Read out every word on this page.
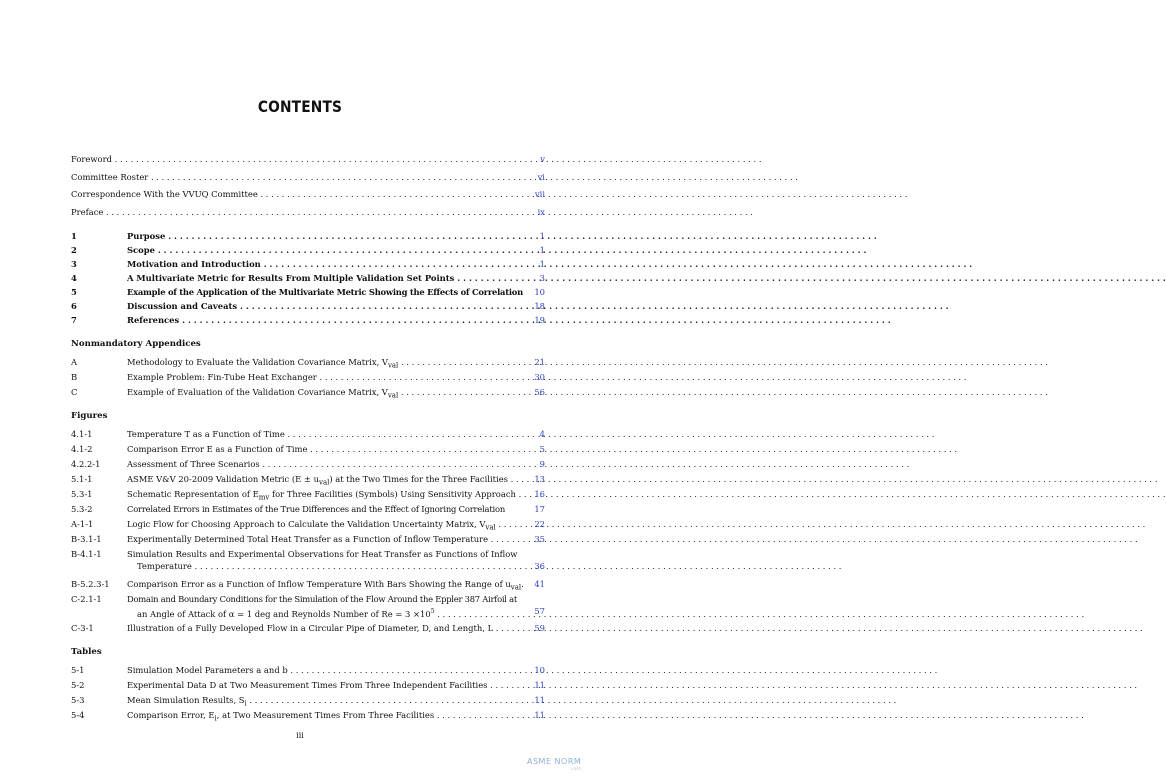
CONTENTS
Foreword . . .	v
Committee Roster . . .	vi
Correspondence With the VVUQ Committee . . .	vii
Preface . . .	ix
1	Purpose . . .	1
2	Scope . . .	1
3	Motivation and Introduction . . .	1
4	A Multivariate Metric for Results From Multiple Validation Set Points . . .	3
5	Example of the Application of the Multivariate Metric Showing the Effects of Correlation 10
6	Discussion and Caveats . . .	18
7	References . . .	19
Nonmandatory Appendices
A	Methodology to Evaluate the Validation Covariance Matrix, $V_{val}$ . . .	21
B	Example Problem: Fin-Tube Heat Exchanger . . .	30
C	Example of Evaluation of the Validation Covariance Matrix, $V_{val}$ . . .	56
Figures
4.1-1	Temperature T as a Function of Time . . .	4
4.1-2	Comparison Error E as a Function of Time . . .	5
4.2.2-1	Assessment of Three Scenarios . . .	9
5.1-1	ASME V&V 20-2009 Validation Metric $(E \pm u_{val})$ at the Two Times for the Three Facilities . . .	13
5.3-1	Schematic Representation of $E_{mv}$ for Three Facilities (Symbols) Using Sensitivity Approach . . .	16
5.3-2	Correlated Errors in Estimates of the True Differences and the Effect of Ignoring Correlation	17
A-1-1	Logic Flow for Choosing Approach to Calculate the Validation Uncertainty Matrix, $V_{val}$ . . .	22
B-3.1-1	Experimentally Determined Total Heat Transfer as a Function of Inflow Temperature . . .	35
B-4.1-1	Simulation Results and Experimental Observations for Heat Transfer as Functions of Inflow
Temperature . . .	36
B-5.2.3-1 Comparison Error as a Function of Inflow Temperature With Bars Showing the Range of $u_{val}$. 41
C-2.1-1	Domain and Boundary Conditions for the Simulation of the Flow Around the Eppler 387 Airfoil at
an Angle of Attack of α = 1 deg and Reynolds Number of $Re = 3 \times 10^5$ . . .	57
C-3-1	Illustration of a Fully Developed Flow in a Circular Pipe of Diameter, D, and Length, L . . .	59
Tables
5-1	Simulation Model Parameters a and b . . .	10
5-2	Experimental Data D at Two Measurement Times From Three Independent Facilities . . .	11
5-3	Mean Simulation Results, $S_i$ . . .	11
5-4	Comparison Error, $E_i$, at Two Measurement Times From Three Facilities . . .	11
iii
ASME NORM
com
